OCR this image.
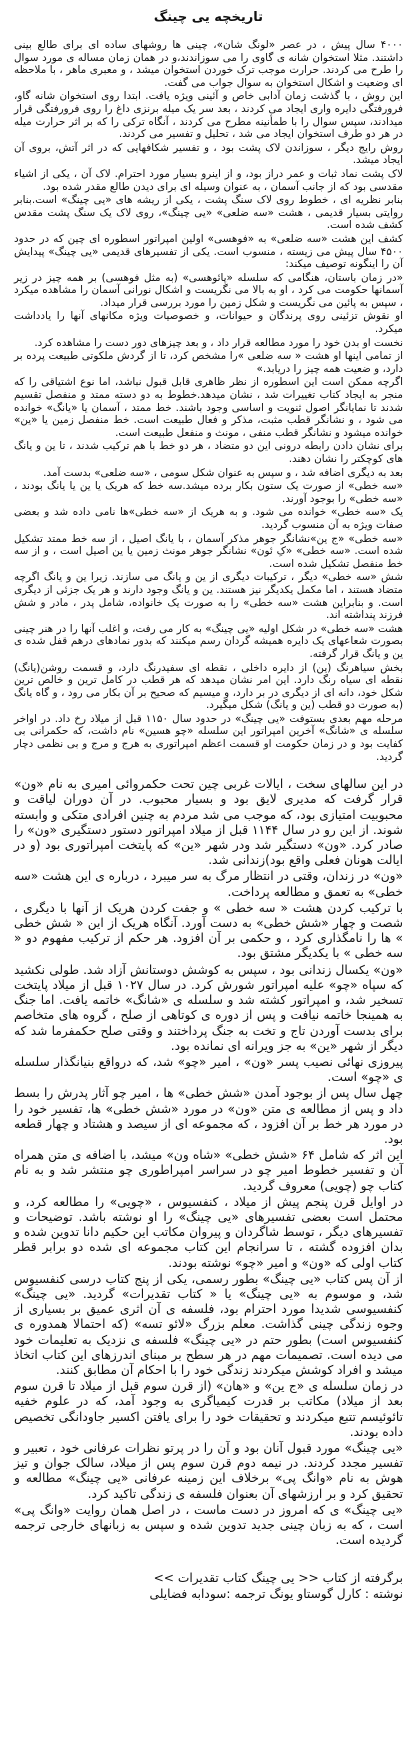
تاریخچه یی چینگ

۴۰۰۰ سال پیش ، در عصر «لونگ شان»، چینی ها روشهای ساده ای برای طالع بینی داشتند. مثلا استخوان شانه ی گاوی را می سوزاندند،و در همان زمان مساله ی مورد سوال را طرح می کردند. حرارت موجب ترک خوردن استخوان میشد ، و معبری ماهر ، با ملاحظه ای وضعیت و اشکال استخوان به سوال جواب می گفت.

این روش ، با گذشت زمان آدابی خاص و آئینی ویژه یافت. ابتدا روی استخوان شانه گاو، فرورفتگی دایره واری ایجاد می کردند ، بعد سر یک میله برنزی داغ را روی فرورفتگی قرار میدادند، سپس سوال را با طمأنینه مطرح می کردند ، آنگاه ترکی را که بر اثر حرارت میله در هر دو طرف استخوان ایجاد می شد ، تحلیل و تفسیر می کردند.

روش رایج دیگر ، سوزاندن لاک پشت بود ، و تفسیر شکافهایی که در اثر آتش، بروی آن ایجاد میشد.

لاک پشت نماد ثبات و عمر دراز بود، و از اینرو بسیار مورد احترام. لاک آن ، یکی از اشیاء مقدسی بود که از جانب آسمان ، به عنوان وسیله ای برای دیدن طالع مقدر شده بود.

بنابر نظریه ای ، خطوط روی لاک سنگ پشت ، یکی از ریشه های «یی چینگ» است.بنابر روایتی بسیار قدیمی ، هشت «سه ضلعی» «یی چینگ»، روی لاک یک سنگ پشت مقدس کشف شده است.

کشف این هشت «سه ضلعی» به «فوهسی» اولین امپراتور اسطوره ای چین که در حدود ۴۵۰۰ سال پیش می زیسته ، منسوب است. یکی از تفسیرهای قدیمی «یی چینگ» پیدایش آن را اینگونه توصیف میکند:

«در زمان باستان، هنگامی که سلسله «پائوهسی» (به مثل فوهسی) بر همه چیز در زیر آسمانها حکومت می کرد ، او به بالا می نگریست و اشکال نورانی آسمان را مشاهده میکرد ، سپس به پائین می نگریست و شکل زمین را مورد بررسی قرار میداد.

او نقوش تزئینی روی پرندگان و حیوانات، و خصوصیات ویژه مکانهای آنها را یادداشت میکرد.

نخست او بدن خود را مورد مطالعه قرار داد ، و بعد چیزهای دور دست را مشاهده کرد.

از تمامی اینها او هشت « سه ضلعی »را مشخص کرد، تا از گردش ملکوتی طبیعت پرده بر دارد، و ضعیت همه چیز را دریابد.»

اگرچه ممکن است این اسطوره از نظر ظاهری قابل قبول نباشد، اما نوع اشتیاقی را که منجر به ایجاد کتاب تغییرات شد ، نشان میدهد.خطوط به دو دسته ممتد و منفصل تقسیم شدند تا نمایانگر اصول ثنویت و اساسی وجود باشند. خط ممتد ، آسمان یا «یانگ» خوانده می شود ، و نشانگر قطب مثبت، مذکر و فعال طبیعت است. خط منفصل زمین یا «ین» خوانده میشود و نشانگر قطب منفی ، مونث و منفعل طبیعت است.

برای نشان دادن رابطه درونی این دو متضاد ، هر دو خط با هم ترکیب شدند ، تا ین و یانگ های کوچکتر را نشان دهند.

بعد به دیگری اضافه شد ، و سپس به عنوان شکل سومی ، «سه ضلعی» بدست آمد.

«سه خطی» از صورت یک ستون بکار برده میشد.سه خط که هریک یا ین یا یانگ بودند ، «سه خطی» را بوجود آورند.

یک «سه خطی» خوانده می شود. و به هریک از «سه خطی»ها نامی داده شد و بعضی صفات ویژه به آن منسوب گردید.

«سه خطی» «ج ین»نشانگر جوهر مذکر آسمان ، با یانگ اصیل ، از سه خط ممتد تشکیل شده است. «سه خطی» «کِ ئون» نشانگر جوهر مونث زمین یا ین اصیل است ، و از سه خط منفصل تشکیل شده است.

شش «سه خطی» دیگر ، ترکیبات دیگری از ین و یانگ می سازند. زیرا ین و یانگ اگرچه متضاد هستند ، اما مکمل یکدیگر نیز هستند. ین و یانگ وجود دارند و هر یک جزئی از دیگری است. و بنابراین هشت «سه خطی» را به صورت یک خانواده، شامل پدر ، مادر و شش فرزند پنداشته اند.

هشت «سه خطی» در شکل اولیه «یی چینگ» به کار می رفت، و اغلب آنها را در هنر چینی بصورت شعاعهای یک دایره همیشه گردان رسم میکنند که بدور نمادهای درهم قفل شده ی ین و یانگ قرار گرفته.

بخش سیاهرنگ (ین) از دایره داخلی ، نقطه ای سفیدرنگ دارد، و قسمت روشن(یانگ) نقطه ای سیاه رنگ دارد. این امر نشان میدهد که هر قطب در کامل ترین و خالص ترین شکل خود، دانه ای از دیگری در بر دارد، و میسیم که صحیح بر آن بکار می رود ، و گاه یانگ (به صورت دو قطب (ین و یانگ) شکل میگیرد.

مرحله مهم بعدی بستوفت «یی چینگ» در حدود سال ۱۱۵۰ قبل از میلاد رخ داد. در اواخر سلسله ی «شانگ» آخرین امپراتور این سلسله «چو هسین» نام داشت، که حکمرانی بی کفایت بود و در زمان حکومت او قسمت اعظم امپراتوری به هرج و مرج و بی نظمی دچار گردید.

در این سالهای سخت ، ایالات غربی چین تحت حکمروائی امیری به نام «ون» قرار گرفت که مدیری لایق بود و بسیار محبوب. در آن دوران لیاقت و محبوبیت امتیازی بود، که موجب می شد مردم به چنین افرادی متکی و وابسته شوند. از این رو در سال ۱۱۴۴ قبل از میلاد امپراتور دستور دستگیری «ون» را صادر کرد. «ون» دستگیر شد ودر شهر «ین» که پایتخت امپراتوری بود (و در ایالت هونان فعلی واقع بود)زندانی شد.

«ون» در زندان، وقتی در انتظار مرگ به سر میبرد ، درباره ی این هشت «سه خطی» به تعمق و مطالعه پرداخت.

با ترکیب کردن هشت « سه خطی » و جفت کردن هریک از آنها با دیگری ، شصت و چهار «شش خطی» به دست آورد. آنگاه هریک از این « شش خطی » ها را نامگذاری کرد ، و حکمی بر آن افزود. هر حکم از ترکیب مفهوم دو « سه خطی » با یکدیگر مشتق بود.

«ون» یکسال زندانی بود ، سپس به کوشش دوستانش آزاد شد. طولی نکشید که سپاه «چو» علیه امپراتور شورش کرد. در سال ۱۰۲۷ قبل از میلاد پایتخت تسخیر شد، و امپراتور کشته شد و سلسله ی «شانگ» خاتمه یافت. اما جنگ به همینجا خاتمه نیافت و پس از دوره ی کوتاهی از صلح ، گروه های متخاصم برای بدست آوردن تاج و تخت به جنگ پرداختند و وقتی صلح حکمفرما شد که دیگر از شهر «ین» به جز ویرانه ای نمانده بود.

پیروزی نهائی نصیب پسر «ون» ، امیر «چو» شد، که درواقع بنیانگذار سلسله ی «چو» است.

چهل سال پس از بوجود آمدن «شش خطی» ها ، امیر چو آثار پدرش را بسط داد و پس از مطالعه ی متن «ون» در مورد «شش خطی» ها، تفسیر خود را در مورد هر خط بر آن افزود ، که مجموعه ای از سیصد و هشتاد و چهار قطعه بود.

این اثر که شامل ۶۴ «شش خطی» «شاه ون» میشد، با اضافه ی متن همراه آن و تفسیر خطوط امیر چو در سراسر امپراطوری چو منتشر شد و به نام کتاب چو (چویی) معروف گردید.

در اوایل قرن پنجم پیش از میلاد ، کنفسیوس ، «چویی» را مطالعه کرد، و محتمل است بعضی تفسیرهای «یی چینگ» را او نوشته باشد. توضیحات و تفسیرهای دیگر ، توسط شاگردان و پیروان مکاتب این حکیم دانا تدوین شده و بدان افزوده گشته ، تا سرانجام این کتاب مجموعه ای شده دو برابر قطر کتاب اولی که «ون» و امیر «چو» نوشته بودند.

از آن پس کتاب «یی چینگ» بطور رسمی، یکی از پنج کتاب درسی کنفسیوس شد، و موسوم به «یی چینگ» یا « کتاب تقدیرات» گردید. «یی چینگ» کنفسیوسی شدیدا مورد احترام بود، فلسفه ی آن اثری عمیق بر بسیاری از وجوه زندگی چینی گذاشت. معلم بزرگ «لائو تسه» (که احتمالا همدوره ی کنفسیوس است) بطور حتم در «یی چینگ» فلسفه ی نزدیک به تعلیمات خود می دیده است. تصمیمات مهم در هر سطح بر مبنای اندرزهای این کتاب اتخاذ میشد و افراد کوشش میکردند زندگی خود را با احکام آن مطابق کنند.

در زمان سلسله ی «ج ین» و «هان» (از قرن سوم قبل از میلاد تا قرن سوم بعد از میلاد) مکاتب بر قدرت کیمیاگری به وجود آمد، که در علوم خفیه تائوئیسم تتبع میکردند و تحقیقات خود را برای یافتن اکسیر جاودانگی تخصیص داده بودند.

«یی چینگ» مورد قبول آنان بود و آن را در پرتو نظرات عرفانی خود ، تعبیر و تفسیر مجدد کردند. در نیمه دوم قرن سوم پس از میلاد، سالک جوان و تیز هوش به نام «وانگ پی» برخلاف این زمینه عرفانی «یی چینگ» مطالعه و تحقیق کرد و بر ارزشهای آن بعنوان فلسفه ی زندگی تاکید کرد.

«یی چینگ» ی که امروز در دست ماست ، در اصل همان روایت «وانگ پی» است ، که به زبان چینی جدید تدوین شده و سپس به زبانهای خارجی ترجمه گردیده است.

برگرفته از کتاب << یی چینگ کتاب تقدیرات >>
نوشته : کارل گوستاو یونگ ترجمه :سودابه فضایلی
